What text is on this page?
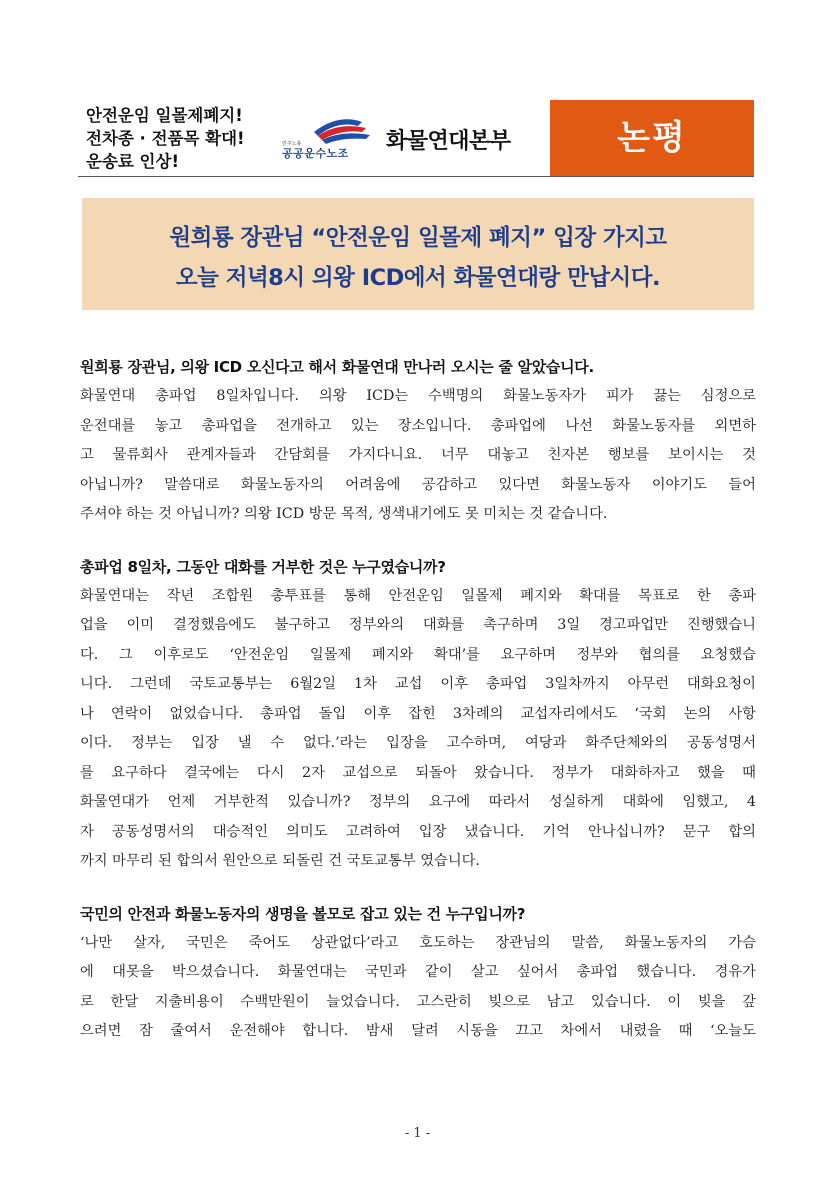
안전운임 일몰제폐지!
전차종 · 전품목 확대!
운송료 인상!
민주노총
공공운수노조 화물연대본부	논평
원희룡 장관님 “안전운임 일몰제 폐지” 입장 가지고
오늘 저녁8시 의왕 ICD에서 화물연대랑 만납시다.
원희룡 장관님, 의왕 ICD 오신다고 해서 화물연대 만나러 오시는 줄 알았습니다.
화물연대 총파업 8일차입니다. 의왕 ICD는 수백명의 화물노동자가 피가 끓는 심정으로
운전대를 놓고 총파업을 전개하고 있는 장소입니다. 총파업에 나선 화물노동자를 외면하
고 물류회사 관계자들과 간담회를 가지다니요. 너무 대놓고 친자본 행보를 보이시는 것
아닙니까? 말씀대로 화물노동자의 어려움에 공감하고 있다면 화물노동자 이야기도 들어
주셔야 하는 것 아닙니까? 의왕 ICD 방문 목적, 생색내기에도 못 미치는 것 같습니다.
총파업 8일차, 그동안 대화를 거부한 것은 누구였습니까?
화물연대는 작년 조합원 총투표를 통해 안전운임 일몰제 폐지와 확대를 목표로 한 총파
업을 이미 결정했음에도 불구하고 정부와의 대화를 촉구하며 3일 경고파업만 진행했습니
다. 그 이후로도 ‘안전운임 일몰제 폐지와 확대’를 요구하며 정부와 협의를 요청했습
니다. 그런데 국토교통부는 6월2일 1차 교섭 이후 총파업 3일차까지 아무런 대화요청이
나 연락이 없었습니다. 총파업 돌입 이후 잡힌 3차례의 교섭자리에서도 ‘국회 논의 사항
이다. 정부는 입장 낼 수 없다.’라는 입장을 고수하며, 여당과 화주단체와의 공동성명서
를 요구하다 결국에는 다시 2자 교섭으로 되돌아 왔습니다. 정부가 대화하자고 했을 때
화물연대가 언제 거부한적 있습니까? 정부의 요구에 따라서 성실하게 대화에 임했고, 4
자 공동성명서의 대승적인 의미도 고려하여 입장 냈습니다. 기억 안나십니까? 문구 합의
까지 마무리 된 합의서 원안으로 되돌린 건 국토교통부 였습니다.
국민의 안전과 화물노동자의 생명을 볼모로 잡고 있는 건 누구입니까?
‘나만 살자, 국민은 죽어도 상관없다’라고 호도하는 장관님의 말씀, 화물노동자의 가슴
에 대못을 박으셨습니다. 화물연대는 국민과 같이 살고 싶어서 총파업 했습니다. 경유가
로 한달 지출비용이 수백만원이 늘었습니다. 고스란히 빚으로 남고 있습니다. 이 빚을 갚
으려면 잠 줄여서 운전해야 합니다. 밤새 달려 시동을 끄고 차에서 내렸을 때 ‘오늘도
- 1 -
